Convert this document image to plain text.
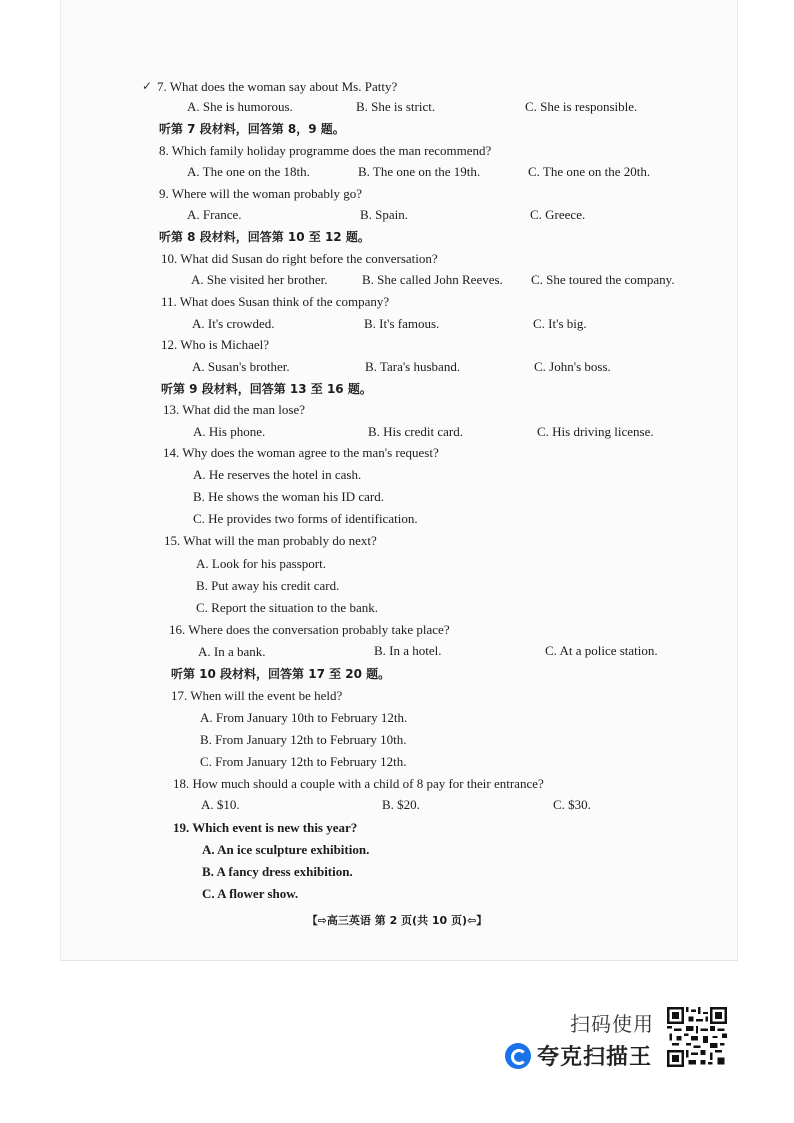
✓ 7. What does the woman say about Ms. Patty?
A. She is humorous.	B. She is strict.	C. She is responsible.
听第 7 段材料，回答第 8，9 题。
8. Which family holiday programme does the man recommend?
A. The one on the 18th.	B. The one on the 19th.	C. The one on the 20th.
9. Where will the woman probably go?
A. France.	B. Spain.	C. Greece.
听第 8 段材料，回答第 10 至 12 题。
10. What did Susan do right before the conversation?
A. She visited her brother.	B. She called John Reeves. C. She toured the company.
11. What does Susan think of the company?
A. It's crowded.	B. It's famous.	C. It's big.
12. Who is Michael?
A. Susan's brother.	B. Tara's husband.	C. John's boss.
听第 9 段材料，回答第 13 至 16 题。
13. What did the man lose?
A. His phone.	B. His credit card.	C. His driving license.
14. Why does the woman agree to the man's request?
A. He reserves the hotel in cash.
B. He shows the woman his ID card.
C. He provides two forms of identification.
15. What will the man probably do next?
A. Look for his passport.
B. Put away his credit card.
C. Report the situation to the bank.
16. Where does the conversation probably take place?
A. In a bank.	B. In a hotel.	C. At a police station.
听第 10 段材料，回答第 17 至 20 题。
17. When will the event be held?
A. From January 10th to February 12th.
B. From January 12th to February 10th.
C. From January 12th to February 12th.
18. How much should a couple with a child of 8 pay for their entrance?
A. $10.	B. $20.	C. $30.
19. Which event is new this year?
A. An ice sculpture exhibition.
B. A fancy dress exhibition.
C. A flower show.
【⇨高三英语 第 2 页(共 10 页)⇦】
扫码使用
夸克扫描王
